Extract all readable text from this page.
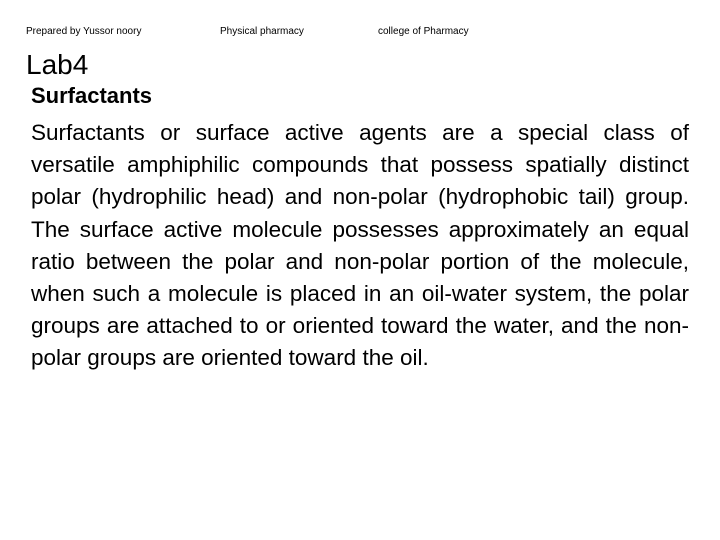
Prepared by Yussor noory	Physical pharmacy	college of Pharmacy
Lab4
Surfactants

Surfactants or surface active agents are a special class of versatile amphiphilic compounds that possess spatially distinct polar (hydrophilic head) and non-polar (hydrophobic tail) group. The surface active molecule possesses approximately an equal ratio between the polar and non-polar portion of the molecule, when such a molecule is placed in an oil-water system, the polar groups are attached to or oriented toward the water, and the non-polar groups are oriented toward the oil.
